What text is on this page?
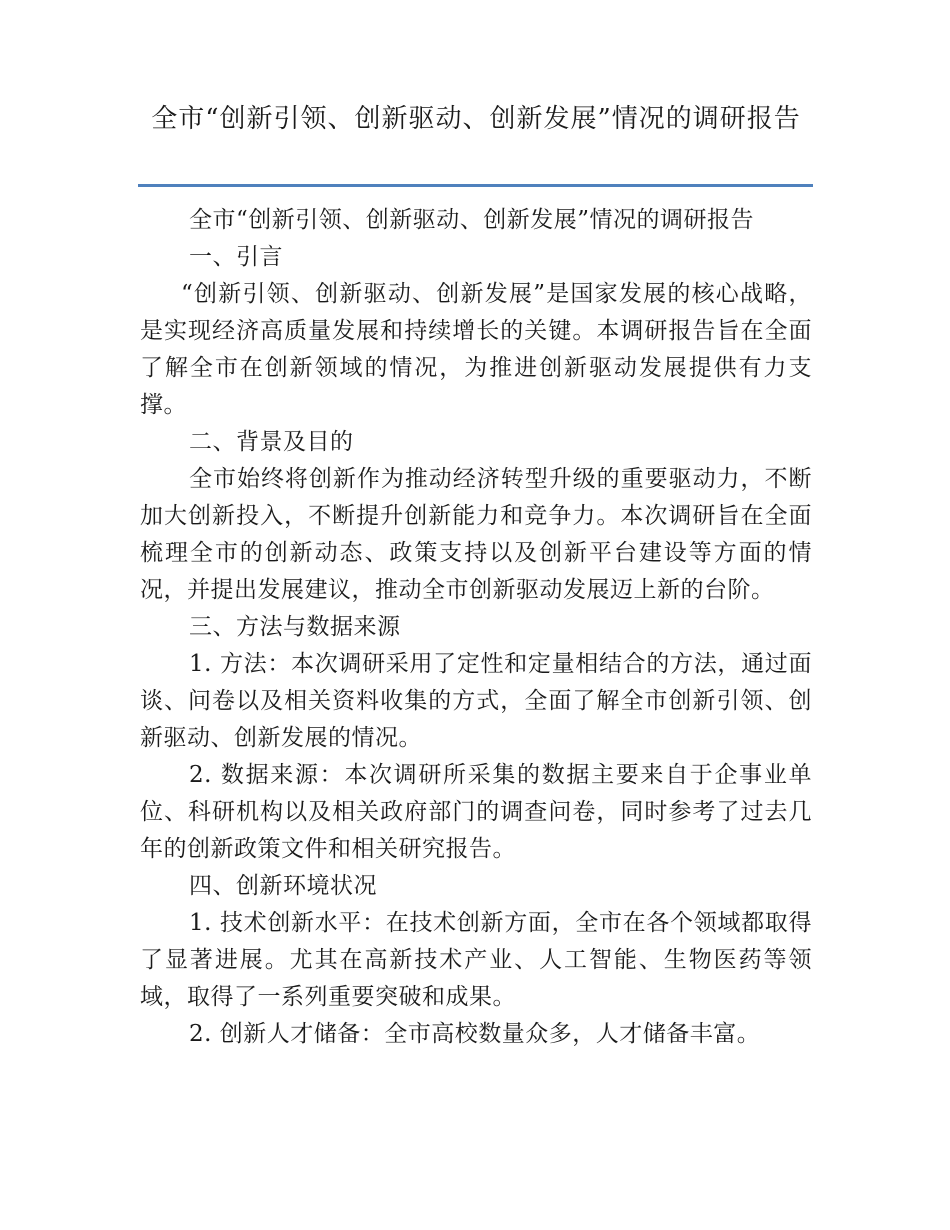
全市“创新引领、创新驱动、创新发展”情况的调研报告

全市“创新引领、创新驱动、创新发展”情况的调研报告

一、引言

“创新引领、创新驱动、创新发展”是国家发展的核心战略，是实现经济高质量发展和持续增长的关键。本调研报告旨在全面了解全市在创新领域的情况，为推进创新驱动发展提供有力支撑。

二、背景及目的

全市始终将创新作为推动经济转型升级的重要驱动力，不断加大创新投入，不断提升创新能力和竞争力。本次调研旨在全面梳理全市的创新动态、政策支持以及创新平台建设等方面的情况，并提出发展建议，推动全市创新驱动发展迈上新的台阶。

三、方法与数据来源

1. 方法：本次调研采用了定性和定量相结合的方法，通过面谈、问卷以及相关资料收集的方式，全面了解全市创新引领、创新驱动、创新发展的情况。

2. 数据来源：本次调研所采集的数据主要来自于企事业单位、科研机构以及相关政府部门的调查问卷，同时参考了过去几年的创新政策文件和相关研究报告。

四、创新环境状况

1. 技术创新水平：在技术创新方面，全市在各个领域都取得了显著进展。尤其在高新技术产业、人工智能、生物医药等领域，取得了一系列重要突破和成果。

2. 创新人才储备：全市高校数量众多，人才储备丰富。
